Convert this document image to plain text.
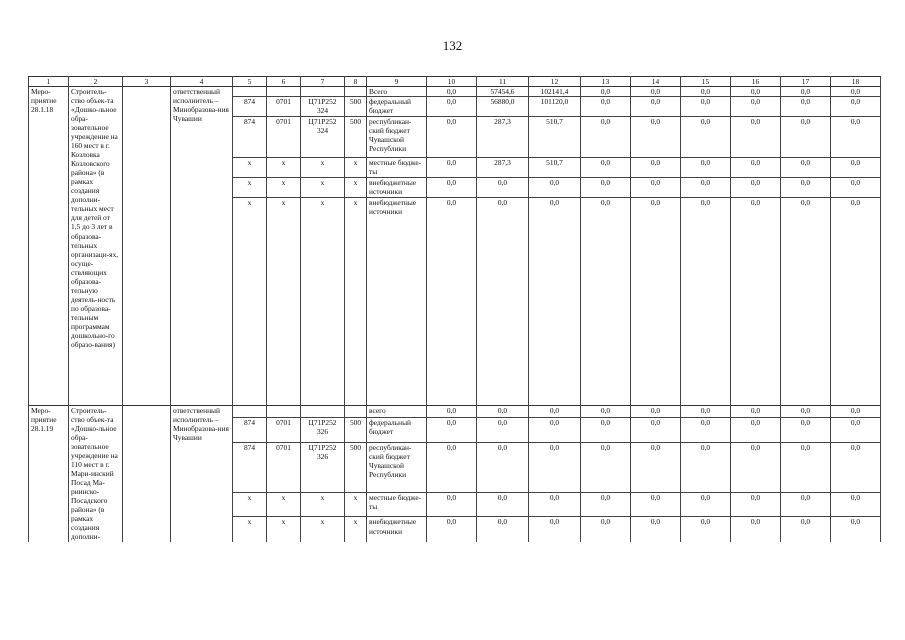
132
1	2	3	4	5	6	7	8	9	10	11	12	13	14	15	16	17	18
Меро-приятие 28.1.18	Строитель-ство объек-та «Дошко-льное обра-зовательное учреждение на 160 мест в г. Козловка Козловского района» (в рамках создания дополни-тельных мест для детей от 1,5 до 3 лет в образова-тельных организаци-ях, осуще-ствляющих образова-тельную деятель-ность по образова-тельным программам дошкольно-го образо-вания)		ответственный исполнитель – Минобразова-ния Чувашии					Всего	0,0	57454,6	102141,4	0,0	0,0	0,0	0,0	0,0	0,0
				874	0701	Ц71Р252 324	500	федеральный бюджет	0,0	56880,0	101120,0	0,0	0,0	0,0	0,0	0,0	0,0
				874	0701	Ц71Р252 324	500	республикан-ский бюджет Чувашской Республики	0,0	287,3	510,7	0,0	0,0	0,0	0,0	0,0	0,0
				x	x	x	x	местные бюдже-ты	0,0	287,3	510,7	0,0	0,0	0,0	0,0	0,0	0,0
				x	x	x	x	внебюджетные источники	0,0	0,0	0,0	0,0	0,0	0,0	0,0	0,0	0,0
				x	x	x	x	внебюджетные источники	0,0	0,0	0,0	0,0	0,0	0,0	0,0	0,0	0,0
Меро-приятие 28.1.19	Строитель-ство объек-та «Дошко-льное обра-зовательное учреждение на 110 мест в г. Мари-инский Посад Ма-риинско-Посадского района» (в рамках создания дополни-		ответственный исполнитель – Минобразова-ния Чувашии					всего	0,0	0,0	0,0	0,0	0,0	0,0	0,0	0,0	0,0
				874	0701	Ц71Р252 326	500	федеральный бюджет	0,0	0,0	0,0	0,0	0,0	0,0	0,0	0,0	0,0
				874	0701	Ц71Р252 326	500	республикан-ский бюджет Чувашской Республики	0,0	0,0	0,0	0,0	0,0	0,0	0,0	0,0	0,0
				x	x	x	x	местные бюдже-ты	0,0	0,0	0,0	0,0	0,0	0,0	0,0	0,0	0,0
				x	x	x	x	внебюджетные источники	0,0	0,0	0,0	0,0	0,0	0,0	0,0	0,0	0,0
